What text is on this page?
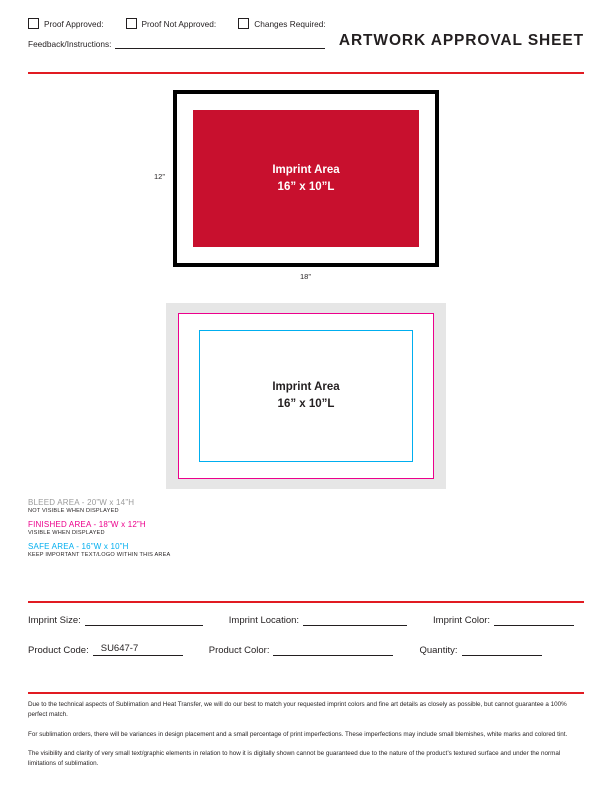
Proof Approved:	Proof Not Approved:	Changes Required:
Feedback/Instructions:	ARTWORK APPROVAL SHEET
Imprint Area
16” x 10”L
12”
18”
Imprint Area
16” x 10”L
BLEED AREA - 20”W x 14”H
NOT VISIBLE WHEN DISPLAYED
FINISHED AREA - 18”W x 12”H
VISIBLE WHEN DISPLAYED
SAFE AREA - 16”W x 10”H
KEEP IMPORTANT TEXT/LOGO WITHIN THIS AREA
Imprint Size:	Imprint Location:	Imprint Color:
Product Code: SU647-7	Product Color:	Quantity:

Due to the technical aspects of Sublimation and Heat Transfer, we will do our best to match your requested imprint colors and fine art details as closely as possible, but cannot guarantee a 100% perfect match.

For sublimation orders, there will be variances in design placement and a small percentage of print imperfections. These imperfections may include small blemishes, white marks and colored tint.

The visibility and clarity of very small text/graphic elements in relation to how it is digitally shown cannot be guaranteed due to the nature of the product’s textured surface and under the normal limitations of sublimation.
